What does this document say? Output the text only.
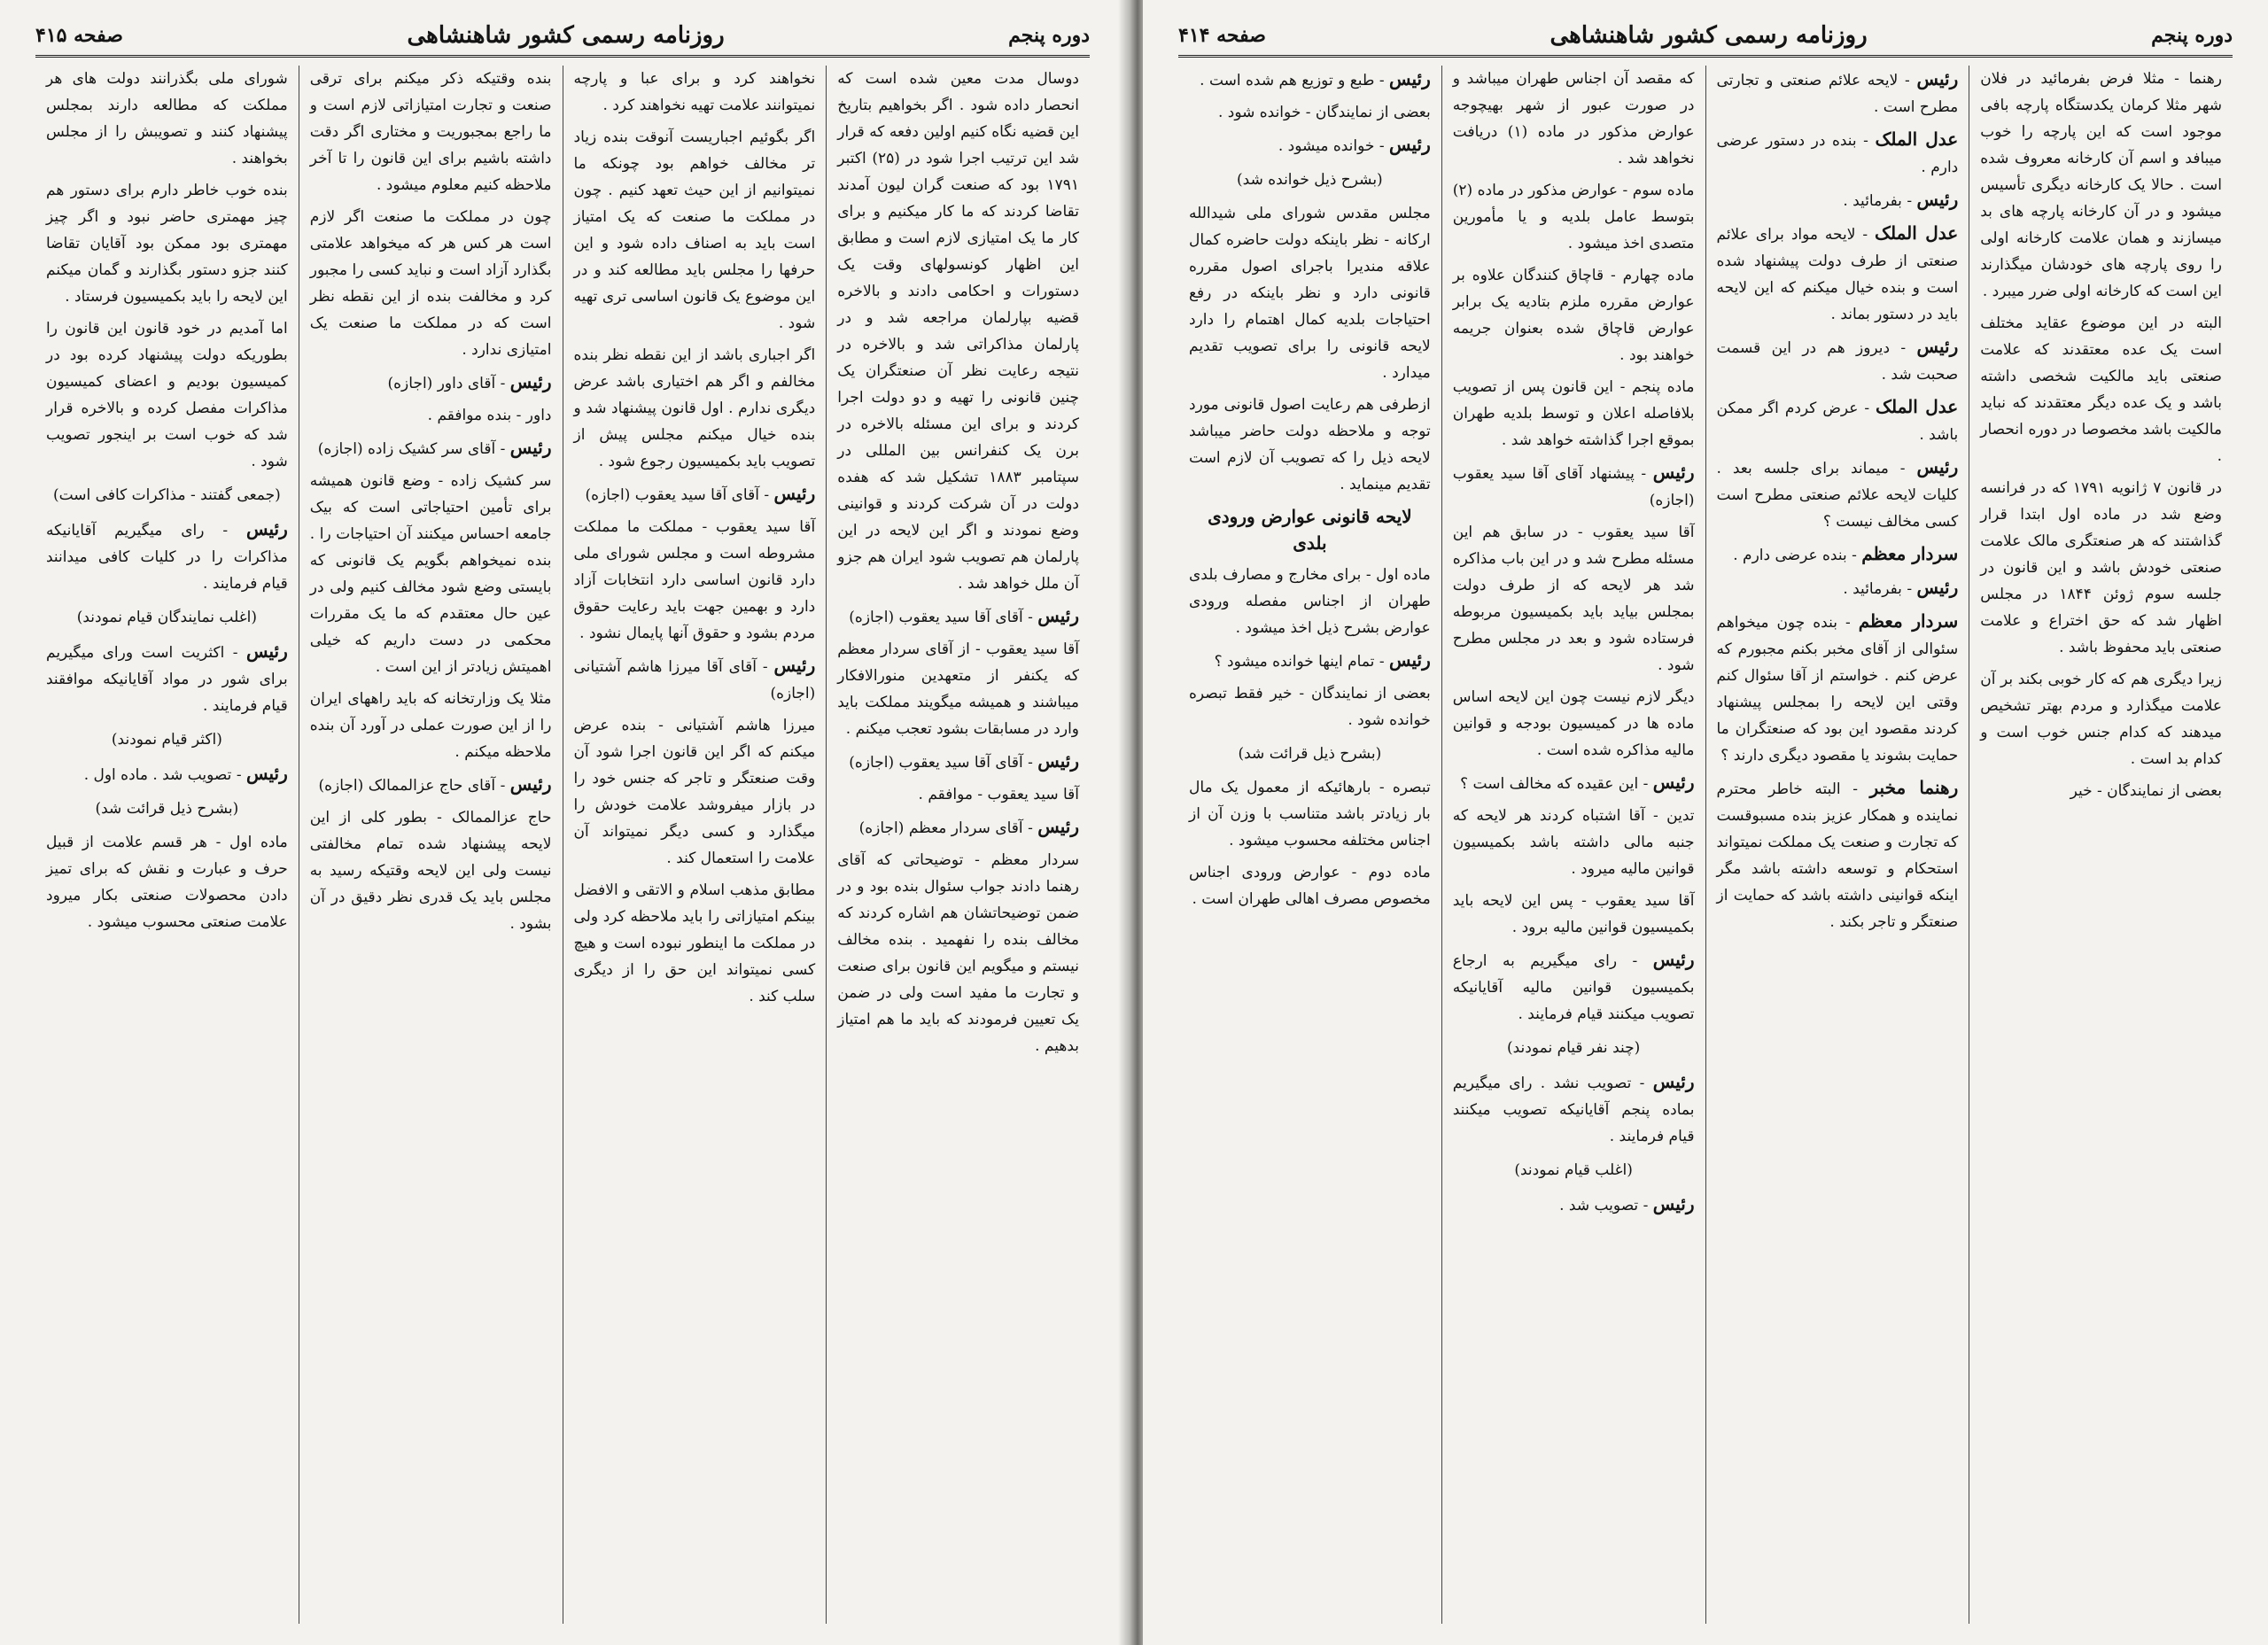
دوره پنجم
روزنامه رسمی کشور شاهنشاهی
صفحه ۴۱۵

دوسال مدت معین شده است که انحصار داده شود . اگر بخواهیم بتاریخ این قضیه نگاه کنیم اولین دفعه که قرار شد این ترتیب اجرا شود در (۲۵) اکتبر ۱۷۹۱ بود که صنعت گران لیون آمدند تقاضا کردند که ما کار میکنیم و برای کار ما یک امتیازی لازم است و مطابق این اظهار کونسولهای وقت یک دستورات و احکامی دادند و بالاخره قضیه بپارلمان مراجعه شد و در پارلمان مذاکراتی شد و بالاخره در نتیجه رعایت نظر آن صنعتگران یک چنین قانونی را تهیه و دو دولت اجرا کردند و برای این مسئله بالاخره در برن یک کنفرانس بین المللی در سپتامبر ۱۸۸۳ تشکیل شد که هفده دولت در آن شرکت کردند و قوانینی وضع نمودند و اگر این لایحه در این پارلمان هم تصویب شود ایران هم جزو آن ملل خواهد شد .

رئیس - آقای آقا سید یعقوب (اجازه)

آقا سید یعقوب - از آقای سردار معظم که یکنفر از متعهدین منورالافکار میباشند و همیشه میگویند مملکت باید وارد در مسابقات بشود تعجب میکنم .

رئیس - آقای آقا سید یعقوب (اجازه)

آقا سید یعقوب - موافقم .

رئیس - آقای سردار معظم (اجازه)

سردار معظم - توضیحاتی که آقای رهنما دادند جواب سئوال بنده بود و در ضمن توضیحاتشان هم اشاره کردند که مخالف بنده را نفهمید . بنده مخالف نیستم و میگویم این قانون برای صنعت و تجارت ما مفید است ولی در ضمن یک تعیین فرمودند که باید ما هم امتیاز بدهیم .

نخواهند کرد و برای عبا و پارچه نمیتوانند علامت تهیه نخواهند کرد .

اگر بگوئیم اجباریست آنوقت بنده زیاد تر مخالف خواهم بود چونکه ما نمیتوانیم از این حیث تعهد کنیم . چون در مملکت ما صنعت که یک امتیاز است باید به اصناف داده شود و این حرفها را مجلس باید مطالعه کند و در این موضوع یک قانون اساسی تری تهیه شود .

اگر اجباری باشد از این نقطه نظر بنده مخالفم و اگر هم اختیاری باشد عرض دیگری ندارم . اول قانون پیشنهاد شد و بنده خیال میکنم مجلس پیش از تصویب باید بکمیسیون رجوع شود .

رئیس - آقای آقا سید یعقوب (اجازه)

آقا سید یعقوب - مملکت ما مملکت مشروطه است و مجلس شورای ملی دارد قانون اساسی دارد انتخابات آزاد دارد و بهمین جهت باید رعایت حقوق مردم بشود و حقوق آنها پایمال نشود .

رئیس - آقای آقا میرزا هاشم آشتیانی (اجازه)

میرزا هاشم آشتیانی - بنده عرض میکنم که اگر این قانون اجرا شود آن وقت صنعتگر و تاجر که جنس خود را در بازار میفروشد علامت خودش را میگذارد و کسی دیگر نمیتواند آن علامت را استعمال کند .

مطابق مذهب اسلام و الاتقی و الافضل بینکم امتیازاتی را باید ملاحظه کرد ولی در مملکت ما اینطور نبوده است و هیچ کسی نمیتواند این حق را از دیگری سلب کند .

بنده وقتیکه ذکر میکنم برای ترقی صنعت و تجارت امتیازاتی لازم است و ما راجع بمجبوریت و مختاری اگر دقت داشته باشیم برای این قانون را تا آخر ملاحظه کنیم معلوم میشود .

چون در مملکت ما صنعت اگر لازم است هر کس هر که میخواهد علامتی بگذارد آزاد است و نباید کسی را مجبور کرد و مخالفت بنده از این نقطه نظر است که در مملکت ما صنعت یک امتیازی ندارد .

رئیس - آقای داور (اجازه)

داور - بنده موافقم .

رئیس - آقای سر کشیک زاده (اجازه)

سر کشیک زاده - وضع قانون همیشه برای تأمین احتیاجاتی است که بیک جامعه احساس میکنند آن احتیاجات را . بنده نمیخواهم بگویم یک قانونی که بایستی وضع شود مخالف کنیم ولی در عین حال معتقدم که ما یک مقررات محکمی در دست داریم که خیلی اهمیتش زیادتر از این است .

مثلا یک وزارتخانه که باید راههای ایران را از این صورت عملی در آورد آن بنده ملاحظه میکنم .

رئیس - آقای حاج عزالممالک (اجازه)

حاج عزالممالک - بطور کلی از این لایحه پیشنهاد شده تمام مخالفتی نیست ولی این لایحه وقتیکه رسید به مجلس باید یک قدری نظر دقیق در آن بشود .

شورای ملی بگذرانند دولت های هر مملکت که مطالعه دارند بمجلس پیشنهاد کنند و تصویبش را از مجلس بخواهند .

بنده خوب خاطر دارم برای دستور هم چیز مهمتری حاضر نبود و اگر چیز مهمتری بود ممکن بود آقایان تقاضا کنند جزو دستور بگذارند و گمان میکنم این لایحه را باید بکمیسیون فرستاد .

اما آمدیم در خود قانون این قانون را بطوریکه دولت پیشنهاد کرده بود در کمیسیون بودیم و اعضای کمیسیون مذاکرات مفصل کرده و بالاخره قرار شد که خوب است بر اینجور تصویب شود .

(جمعی گفتند - مذاکرات کافی است)

رئیس - رای میگیریم آقایانیکه مذاکرات را در کلیات کافی میدانند قیام فرمایند .

(اغلب نمایندگان قیام نمودند)

رئیس - اکثریت است ورای میگیریم برای شور در مواد آقایانیکه موافقند قیام فرمایند .

(اکثر قیام نمودند)

رئیس - تصویب شد . ماده اول .

(بشرح ذیل قرائت شد)

ماده اول - هر قسم علامت از قبیل حرف و عبارت و نقش که برای تمیز دادن محصولات صنعتی بکار میرود علامت صنعتی محسوب میشود .

دوره پنجم
روزنامه رسمی کشور شاهنشاهی
صفحه ۴۱۴

رهنما - مثلا فرض بفرمائید در فلان شهر مثلا کرمان یکدستگاه پارچه بافی موجود است که این پارچه را خوب میبافد و اسم آن کارخانه معروف شده است . حالا یک کارخانه دیگری تأسیس میشود و در آن کارخانه پارچه های بد میسازند و همان علامت کارخانه اولی را روی پارچه های خودشان میگذارند این است که کارخانه اولی ضرر میبرد .

البته در این موضوع عقاید مختلف است یک عده معتقدند که علامت صنعتی باید مالکیت شخصی داشته باشد و یک عده دیگر معتقدند که نباید مالکیت باشد مخصوصا در دوره انحصار .

در قانون ۷ ژانویه ۱۷۹۱ که در فرانسه وضع شد در ماده اول ابتدا قرار گذاشتند که هر صنعتگری مالک علامت صنعتی خودش باشد و این قانون در جلسه سوم ژوئن ۱۸۴۴ در مجلس اظهار شد که حق اختراع و علامت صنعتی باید محفوظ باشد .

زیرا دیگری هم که کار خوبی بکند بر آن علامت میگذارد و مردم بهتر تشخیص میدهند که کدام جنس خوب است و کدام بد است .

بعضی از نمایندگان - خیر

رئیس - لایحه علائم صنعتی و تجارتی مطرح است .

عدل الملک - بنده در دستور عرضی دارم .

رئیس - بفرمائید .

عدل الملک - لایحه مواد برای علائم صنعتی از طرف دولت پیشنهاد شده است و بنده خیال میکنم که این لایحه باید در دستور بماند .

رئیس - دیروز هم در این قسمت صحبت شد .

عدل الملک - عرض کردم اگر ممکن باشد .

رئیس - میماند برای جلسه بعد . کلیات لایحه علائم صنعتی مطرح است کسی مخالف نیست ؟

سردار معظم - بنده عرضی دارم .

رئیس - بفرمائید .

سردار معظم - بنده چون میخواهم سئوالی از آقای مخبر بکنم مجبورم که عرض کنم . خواستم از آقا سئوال کنم وقتی این لایحه را بمجلس پیشنهاد کردند مقصود این بود که صنعتگران ما حمایت بشوند یا مقصود دیگری دارند ؟

رهنما مخبر - البته خاطر محترم نماینده و همکار عزیز بنده مسبوقست که تجارت و صنعت یک مملکت نمیتواند استحکام و توسعه داشته باشد مگر اینکه قوانینی داشته باشد که حمایت از صنعتگر و تاجر بکند .

که مقصد آن اجناس طهران میباشد و در صورت عبور از شهر بهیچوجه عوارض مذکور در ماده (۱) دریافت نخواهد شد .

ماده سوم - عوارض مذکور در ماده (۲) بتوسط عامل بلدیه و یا مأمورین متصدی اخذ میشود .

ماده چهارم - قاچاق کنندگان علاوه بر عوارض مقرره ملزم بتادیه یک برابر عوارض قاچاق شده بعنوان جریمه خواهند بود .

ماده پنجم - این قانون پس از تصویب بلافاصله اعلان و توسط بلدیه طهران بموقع اجرا گذاشته خواهد شد .

رئیس - پیشنهاد آقای آقا سید یعقوب (اجازه)

آقا سید یعقوب - در سابق هم این مسئله مطرح شد و در این باب مذاکره شد هر لایحه که از طرف دولت بمجلس بیاید باید بکمیسیون مربوطه فرستاده شود و بعد در مجلس مطرح شود .

دیگر لازم نیست چون این لایحه اساس ماده ها در کمیسیون بودجه و قوانین مالیه مذاکره شده است .

رئیس - این عقیده که مخالف است ؟

تدین - آقا اشتباه کردند هر لایحه که جنبه مالی داشته باشد بکمیسیون قوانین مالیه میرود .

آقا سید یعقوب - پس این لایحه باید بکمیسیون قوانین مالیه برود .

رئیس - رای میگیریم به ارجاع بکمیسیون قوانین مالیه آقایانیکه تصویب میکنند قیام فرمایند .

(چند نفر قیام نمودند)

رئیس - تصویب نشد . رای میگیریم بماده پنجم آقایانیکه تصویب میکنند قیام فرمایند .

(اغلب قیام نمودند)

رئیس - تصویب شد .

رئیس - طبع و توزیع هم شده است .

بعضی از نمایندگان - خوانده شود .

رئیس - خوانده میشود .

(بشرح ذیل خوانده شد)

مجلس مقدس شورای ملی شیدالله ارکانه - نظر باینکه دولت حاضره کمال علاقه مندیرا باجرای اصول مقرره قانونی دارد و نظر باینکه در رفع احتیاجات بلدیه کمال اهتمام را دارد لایحه قانونی را برای تصویب تقدیم میدارد .

ازطرفی هم رعایت اصول قانونی مورد توجه و ملاحظه دولت حاضر میباشد لایحه ذیل را که تصویب آن لازم است تقدیم مینماید .

لایحه قانونی عوارض ورودی بلدی

ماده اول - برای مخارج و مصارف بلدی طهران از اجناس مفصله ورودی عوارض بشرح ذیل اخذ میشود .

رئیس - تمام اینها خوانده میشود ؟

بعضی از نمایندگان - خیر فقط تبصره خوانده شود .

(بشرح ذیل قرائت شد)

تبصره - بارهائیکه از معمول یک مال بار زیادتر باشد متناسب با وزن آن از اجناس مختلفه محسوب میشود .

ماده دوم - عوارض ورودی اجناس مخصوص مصرف اهالی طهران است .
